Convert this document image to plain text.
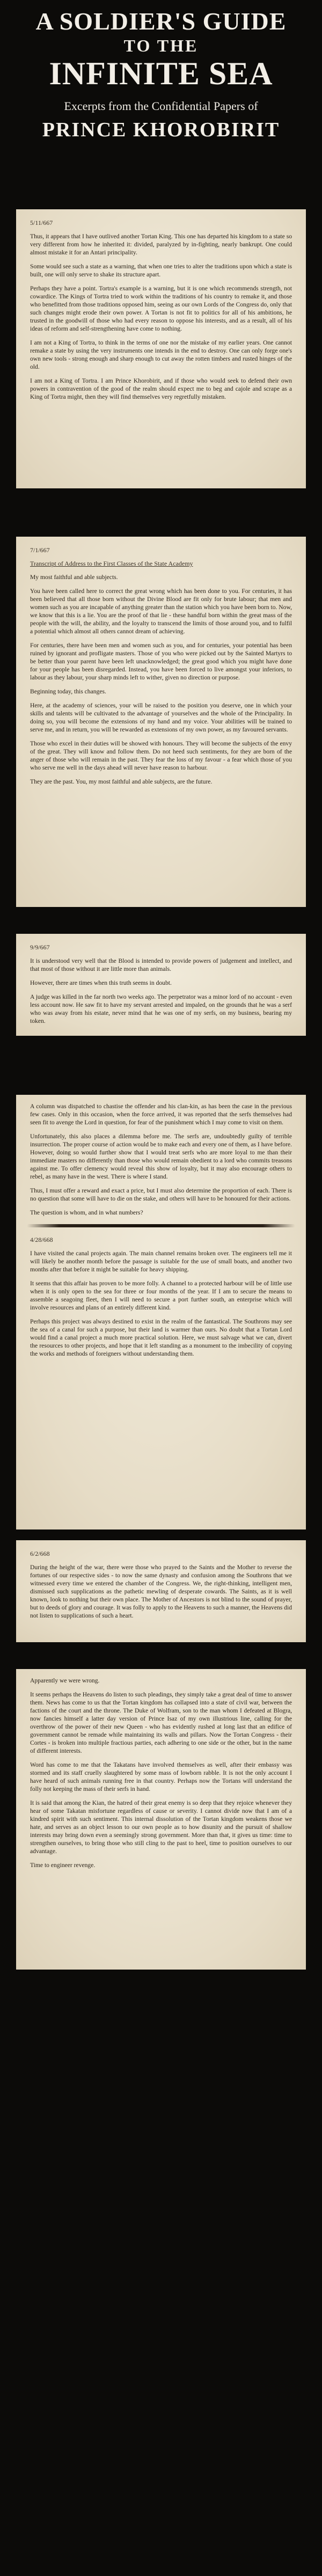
A SOLDIER'S GUIDE
TO THE
INFINITE SEA
Excerpts from the Confidential Papers of
PRINCE KHOROBIRIT
5/11/667

Thus, it appears that I have outlived another Tortan King. This one has departed his kingdom to a state so very different from how he inherited it: divided, paralyzed by in-fighting, nearly bankrupt. One could almost mistake it for an Antari principality.

Some would see such a state as a warning, that when one tries to alter the traditions upon which a state is built, one will only serve to shake its structure apart.

Perhaps they have a point. Tortra's example is a warning, but it is one which recommends strength, not cowardice. The Kings of Tortra tried to work within the traditions of his country to remake it, and those who benefitted from those traditions opposed him, seeing as our own Lords of the Congress do, only that such changes might erode their own power. A Tortan is not fit to politics for all of his ambitions, he trusted in the goodwill of those who had every reason to oppose his interests, and as a result, all of his ideas of reform and self-strengthening have come to nothing.

I am not a King of Tortra, to think in the terms of one nor the mistake of my earlier years. One cannot remake a state by using the very instruments one intends in the end to destroy. One can only forge one's own new tools - strong enough and sharp enough to cut away the rotten timbers and rusted hinges of the old.

I am not a King of Tortra. I am Prince Khorobirit, and if those who would seek to defend their own powers in contravention of the good of the realm should expect me to beg and cajole and scrape as a King of Tortra might, then they will find themselves very regretfully mistaken.

7/1/667
Transcript of Address to the First Classes of the State Academy

My most faithful and able subjects.

You have been called here to correct the great wrong which has been done to you. For centuries, it has been believed that all those born without the Divine Blood are fit only for brute labour; that men and women such as you are incapable of anything greater than the station which you have been born to. Now, we know that this is a lie. You are the proof of that lie - these handful born within the great mass of the people with the will, the ability, and the loyalty to transcend the limits of those around you, and to fulfil a potential which almost all others cannot dream of achieving.

For centuries, there have been men and women such as you, and for centuries, your potential has been ruined by ignorant and profligate masters. Those of you who were picked out by the Sainted Martyrs to be better than your parent have been left unacknowledged; the great good which you might have done for your people has been disregarded. Instead, you have been forced to live amongst your inferiors, to labour as they labour, your sharp minds left to wither, given no direction or purpose.

Beginning today, this changes.

Here, at the academy of sciences, your will be raised to the position you deserve, one in which your skills and talents will be cultivated to the advantage of yourselves and the whole of the Principality. In doing so, you will become the extensions of my hand and my voice. Your abilities will be trained to serve me, and in return, you will be rewarded as extensions of my own power, as my favoured servants.

Those who excel in their duties will be showed with honours. They will become the subjects of the envy of the great. They will know and follow them. Do not heed such sentiments, for they are born of the anger of those who will remain in the past. They fear the loss of my favour - a fear which those of you who serve me well in the days ahead will never have reason to harbour.

They are the past. You, my most faithful and able subjects, are the future.

9/9/667

It is understood very well that the Blood is intended to provide powers of judgement and intellect, and that most of those without it are little more than animals.

However, there are times when this truth seems in doubt.

A judge was killed in the far north two weeks ago. The perpetrator was a minor lord of no account - even less account now. He saw fit to have my servant arrested and impaled, on the grounds that he was a serf who was away from his estate, never mind that he was one of my serfs, on my business, bearing my token.

A column was dispatched to chastise the offender and his clan-kin, as has been the case in the previous few cases. Only in this occasion, when the force arrived, it was reported that the serfs themselves had seen fit to avenge the Lord in question, for fear of the punishment which I may come to visit on them.

Unfortunately, this also places a dilemma before me. The serfs are, undoubtedly guilty of terrible insurrection. The proper course of action would be to make each and every one of them, as I have before. However, doing so would further show that I would treat serfs who are more loyal to me than their immediate masters no differently than those who would remain obedient to a lord who commits treasons against me. To offer clemency would reveal this show of loyalty, but it may also encourage others to rebel, as many have in the west. There is where I stand.

Thus, I must offer a reward and exact a price, but I must also determine the proportion of each. There is no question that some will have to die on the stake, and others will have to be honoured for their actions.

The question is whom, and in what numbers?

4/28/668

I have visited the canal projects again. The main channel remains broken over. The engineers tell me it will likely be another month before the passage is suitable for the use of small boats, and another two months after that before it might be suitable for heavy shipping.

It seems that this affair has proven to be more folly. A channel to a protected harbour will be of little use when it is only open to the sea for three or four months of the year. If I am to secure the means to assemble a seagoing fleet, then I will need to secure a port further south, an enterprise which will involve resources and plans of an entirely different kind.

Perhaps this project was always destined to exist in the realm of the fantastical. The Southrons may see the sea of a canal for such a purpose, but their land is warmer than ours. No doubt that a Tortan Lord would find a canal project a much more practical solution. Here, we must salvage what we can, divert the resources to other projects, and hope that it left standing as a monument to the imbecility of copying the works and methods of foreigners without understanding them.

6/2/668

During the height of the war, there were those who prayed to the Saints and the Mother to reverse the fortunes of our respective sides - to now the same dynasty and confusion among the Southrons that we witnessed every time we entered the chamber of the Congress. We, the right-thinking, intelligent men, dismissed such supplications as the pathetic mewling of desperate cowards. The Saints, as it is well known, look to nothing but their own place. The Mother of Ancestors is not blind to the sound of prayer, but to deeds of glory and courage. It was folly to apply to the Heavens to such a manner, the Heavens did not listen to supplications of such a heart.

Apparently we were wrong.

It seems perhaps the Heavens do listen to such pleadings, they simply take a great deal of time to answer them. News has come to us that the Tortan kingdom has collapsed into a state of civil war, between the factions of the court and the throne. The Duke of Wolfram, son to the man whom I defeated at Blogra, now fancies himself a latter day version of Prince Isaz of my own illustrious line, calling for the overthrow of the power of their new Queen - who has evidently rushed at long last that an edifice of government cannot be remade while maintaining its walls and pillars. Now the Tortan Congress - their Cortes - is broken into multiple fractious parties, each adhering to one side or the other, but in the name of different interests.

Word has come to me that the Takatans have involved themselves as well, after their embassy was stormed and its staff cruelly slaughtered by some mass of lowborn rabble. It is not the only account I have heard of such animals running free in that country. Perhaps now the Tortans will understand the folly not keeping the mass of their serfs in hand.

It is said that among the Kian, the hatred of their great enemy is so deep that they rejoice whenever they hear of some Takatan misfortune regardless of cause or severity. I cannot divide now that I am of a kindred spirit with such sentiment. This internal dissolution of the Tortan kingdom weakens those we hate, and serves as an object lesson to our own people as to how disunity and the pursuit of shallow interests may bring down even a seemingly strong government. More than that, it gives us time: time to strengthen ourselves, to bring those who still cling to the past to heel, time to position ourselves to our advantage.

Time to engineer revenge.
